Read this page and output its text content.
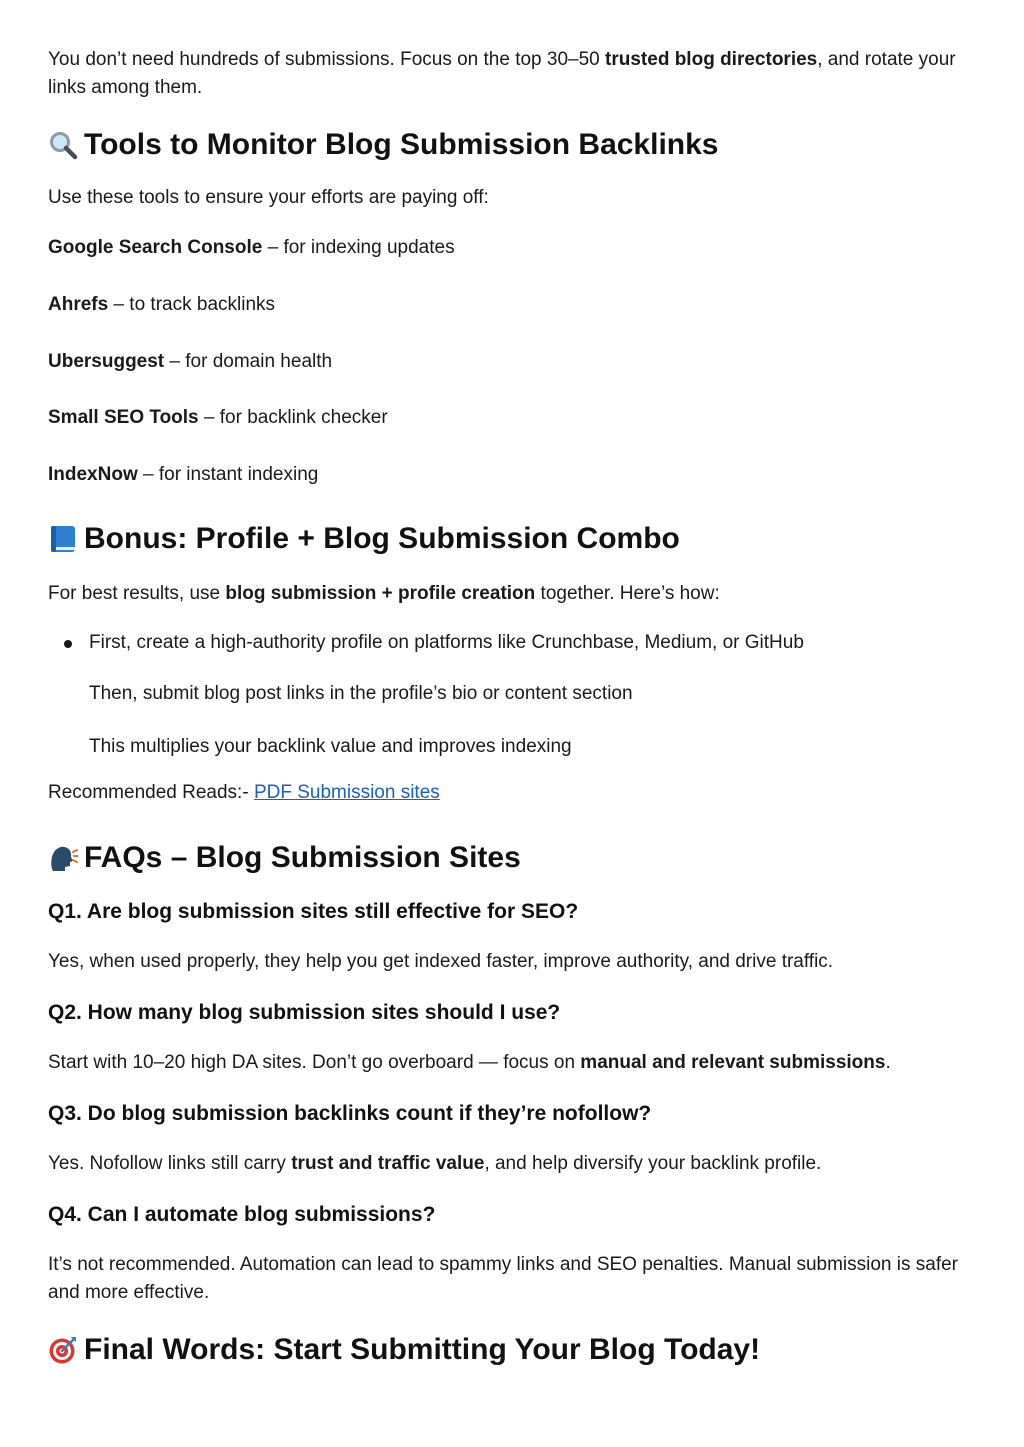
You don’t need hundreds of submissions. Focus on the top 30–50 trusted blog directories, and rotate your links among them.

Tools to Monitor Blog Submission Backlinks

Use these tools to ensure your efforts are paying off:

Google Search Console – for indexing updates

Ahrefs – to track backlinks

Ubersuggest – for domain health

Small SEO Tools – for backlink checker

IndexNow – for instant indexing

Bonus: Profile + Blog Submission Combo

For best results, use blog submission + profile creation together. Here’s how:

First, create a high-authority profile on platforms like Crunchbase, Medium, or GitHub

Then, submit blog post links in the profile’s bio or content section

This multiplies your backlink value and improves indexing

Recommended Reads:- PDF Submission sites

FAQs – Blog Submission Sites
Q1. Are blog submission sites still effective for SEO?

Yes, when used properly, they help you get indexed faster, improve authority, and drive traffic.

Q2. How many blog submission sites should I use?

Start with 10–20 high DA sites. Don’t go overboard — focus on manual and relevant submissions.

Q3. Do blog submission backlinks count if they’re nofollow?

Yes. Nofollow links still carry trust and traffic value, and help diversify your backlink profile.

Q4. Can I automate blog submissions?

It’s not recommended. Automation can lead to spammy links and SEO penalties. Manual submission is safer and more effective.

Final Words: Start Submitting Your Blog Today!
